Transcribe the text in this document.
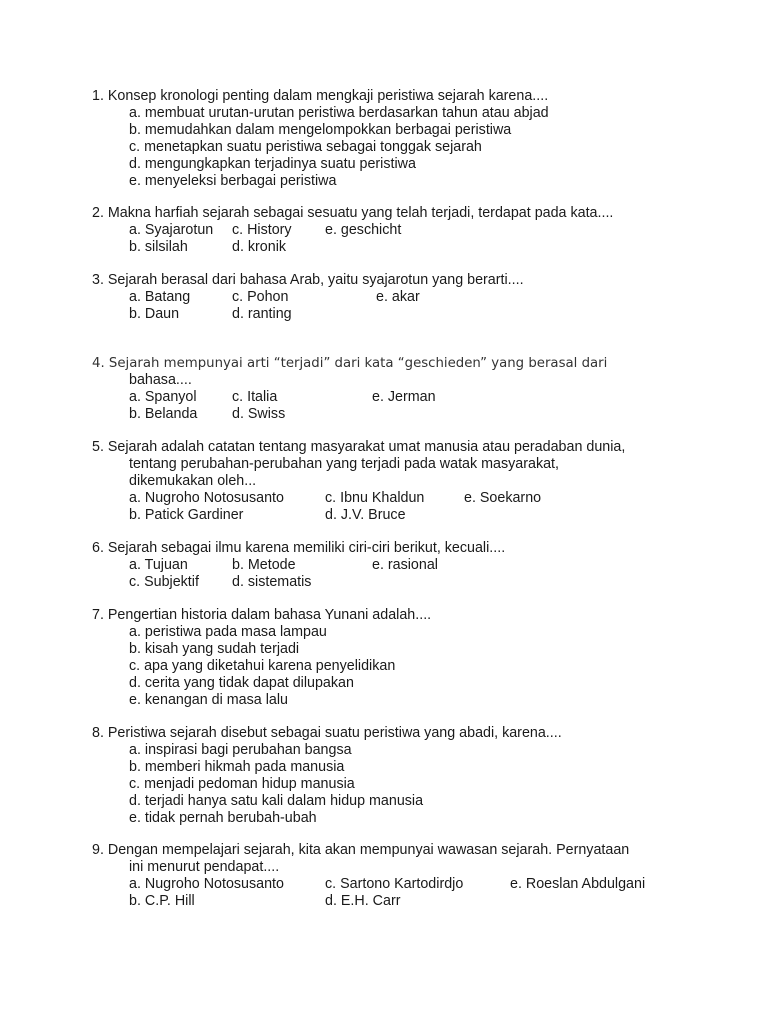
1. Konsep kronologi penting dalam mengkaji peristiwa sejarah karena....
a. membuat urutan-urutan peristiwa berdasarkan tahun atau abjad
b. memudahkan dalam mengelompokkan berbagai peristiwa
c. menetapkan suatu peristiwa sebagai tonggak sejarah
d. mengungkapkan terjadinya suatu peristiwa
e. menyeleksi berbagai peristiwa
2. Makna harfiah sejarah sebagai sesuatu yang telah terjadi, terdapat pada kata....
a. Syajarotun c. History e. geschicht
b. silsilah	d. kronik
3. Sejarah berasal dari bahasa Arab, yaitu syajarotun yang berarti....
a. Batang	c. Pohon	e. akar
b. Daun	d. ranting
4. Sejarah mempunyai arti “terjadi” dari kata “geschieden” yang berasal dari
bahasa....
a. Spanyol c. Italia	e. Jerman
b. Belanda d. Swiss
5. Sejarah adalah catatan tentang masyarakat umat manusia atau peradaban dunia,
tentang perubahan-perubahan yang terjadi pada watak masyarakat,
dikemukakan oleh...
a. Nugroho Notosusanto	c. Ibnu Khaldun	e. Soekarno
b. Patick Gardiner	d. J.V. Bruce
6. Sejarah sebagai ilmu karena memiliki ciri-ciri berikut, kecuali....
a. Tujuan	b. Metode	e. rasional
c. Subjektif d. sistematis
7. Pengertian historia dalam bahasa Yunani adalah....
a. peristiwa pada masa lampau
b. kisah yang sudah terjadi
c. apa yang diketahui karena penyelidikan
d. cerita yang tidak dapat dilupakan
e. kenangan di masa lalu
8. Peristiwa sejarah disebut sebagai suatu peristiwa yang abadi, karena....
a. inspirasi bagi perubahan bangsa
b. memberi hikmah pada manusia
c. menjadi pedoman hidup manusia
d. terjadi hanya satu kali dalam hidup manusia
e. tidak pernah berubah-ubah
9. Dengan mempelajari sejarah, kita akan mempunyai wawasan sejarah. Pernyataan
ini menurut pendapat....
a. Nugroho Notosusanto	c. Sartono Kartodirdjo	e. Roeslan Abdulgani
b. C.P. Hill	d. E.H. Carr
